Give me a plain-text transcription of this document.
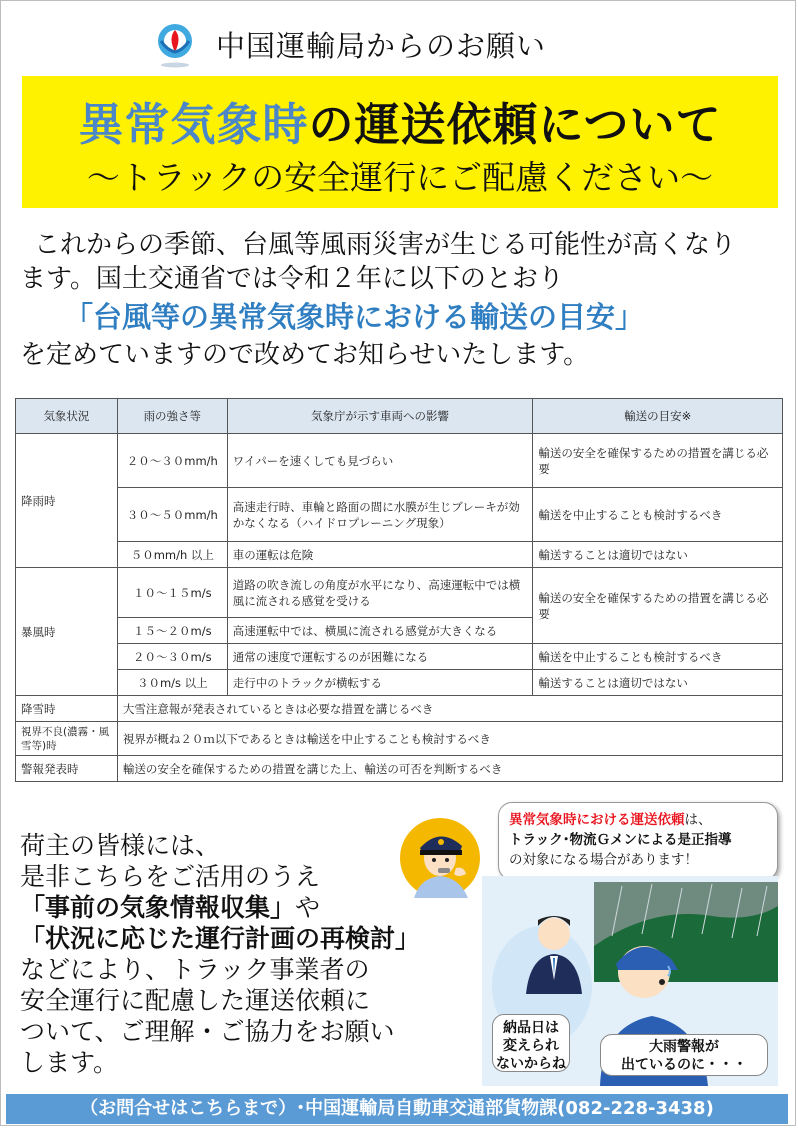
中国運輸局からのお願い
異常気象時の運送依頼について
～トラックの安全運行にご配慮ください～

これからの季節、台風等風雨災害が生じる可能性が高くなり

ます。国土交通省では令和２年に以下のとおり

「台風等の異常気象時における輸送の目安」

を定めていますので改めてお知らせいたします。

気象状況	雨の強さ等	気象庁が示す車両への影響	輸送の目安※
降雨時	２０～３０mm/h	ワイパーを速くしても見づらい	輸送の安全を確保するための措置を講じる必要
	３０～５０mm/h	高速走行時、車輪と路面の間に水膜が生じブレーキが効かなくなる（ハイドロプレーニング現象）	輸送を中止することも検討するべき
	５０mm/h 以上	車の運転は危険	輸送することは適切ではない
暴風時	１０～１５m/s	道路の吹き流しの角度が水平になり、高速運転中では横風に流される感覚を受ける	輸送の安全を確保するための措置を講じる必要
	１５～２０m/s	高速運転中では、横風に流される感覚が大きくなる	
	２０～３０m/s	通常の速度で運転するのが困難になる	輸送を中止することも検討するべき
	３０m/s 以上	走行中のトラックが横転する	輸送することは適切ではない
降雪時	大雪注意報が発表されているときは必要な措置を講じるべき		
視界不良(濃霧・風雪等)時	視界が概ね２０ｍ以下であるときは輸送を中止することも検討するべき		
警報発表時	輸送の安全を確保するための措置を講じた上、輸送の可否を判断するべき		

荷主の皆様には、

是非こちらをご活用のうえ

「事前の気象情報収集」や

「状況に応じた運行計画の再検討」

などにより、トラック事業者の

安全運行に配慮した運送依頼に

ついて、ご理解・ご協力をお願い

します。

異常気象時における運送依頼は、

トラック･物流Ｇメンによる是正指導

の対象になる場合があります！

納品日は
変えられ
ないからね
大雨警報が
出ているのに・・・
（お問合せはこちらまで）･中国運輸局自動車交通部貨物課(082-228-3438)
